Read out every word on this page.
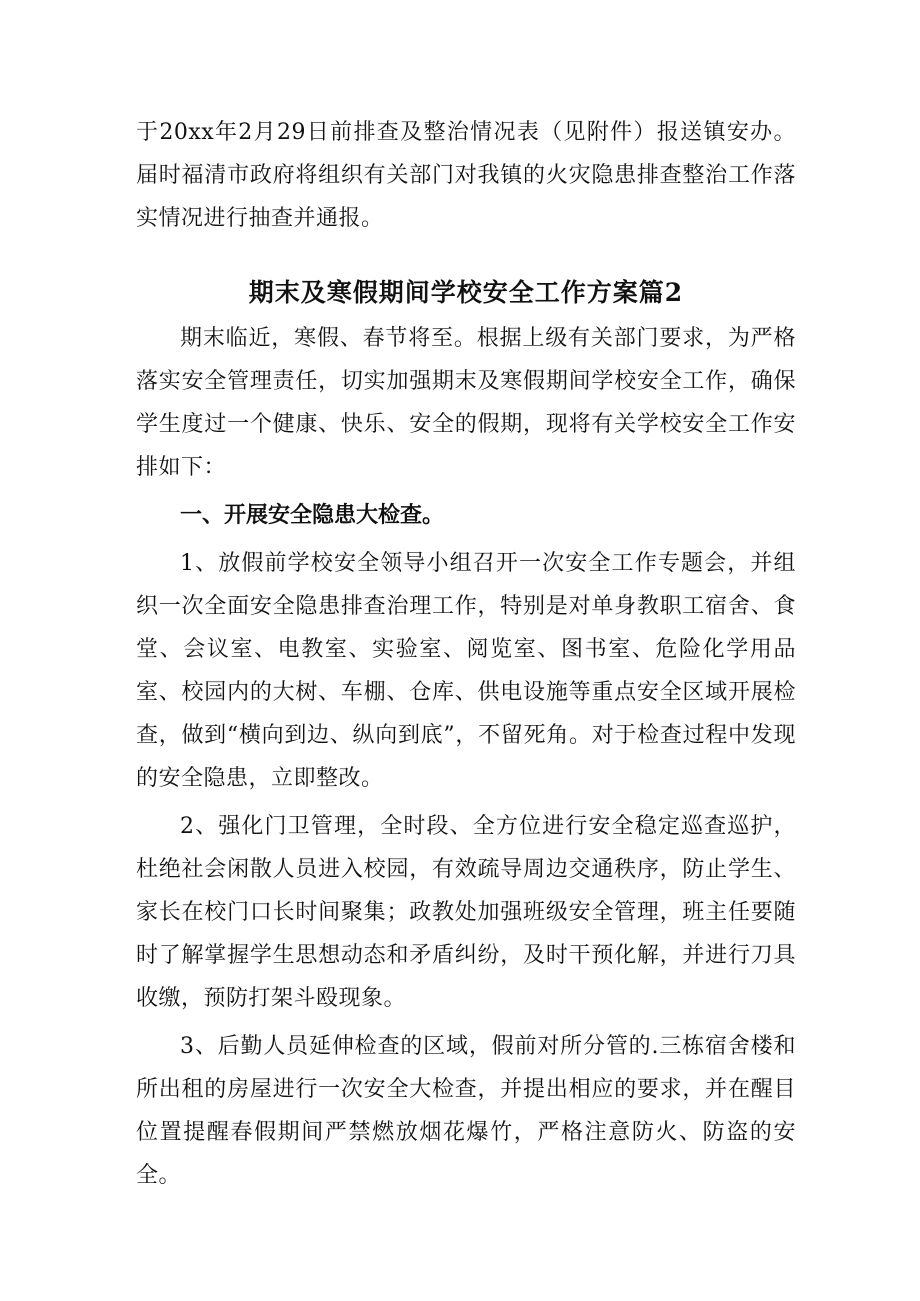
于20xx年2月29日前排查及整治情况表（见附件）报送镇安办。届时福清市政府将组织有关部门对我镇的火灾隐患排查整治工作落实情况进行抽查并通报。

期末及寒假期间学校安全工作方案篇2

期末临近，寒假、春节将至。根据上级有关部门要求，为严格落实安全管理责任，切实加强期末及寒假期间学校安全工作，确保学生度过一个健康、快乐、安全的假期，现将有关学校安全工作安排如下：

一、开展安全隐患大检查。

1、放假前学校安全领导小组召开一次安全工作专题会，并组织一次全面安全隐患排查治理工作，特别是对单身教职工宿舍、食堂、会议室、电教室、实验室、阅览室、图书室、危险化学用品室、校园内的大树、车棚、仓库、供电设施等重点安全区域开展检查，做到“横向到边、纵向到底”，不留死角。对于检查过程中发现的安全隐患，立即整改。

2、强化门卫管理，全时段、全方位进行安全稳定巡查巡护，杜绝社会闲散人员进入校园，有效疏导周边交通秩序，防止学生、家长在校门口长时间聚集；政教处加强班级安全管理，班主任要随时了解掌握学生思想动态和矛盾纠纷，及时干预化解，并进行刀具收缴，预防打架斗殴现象。

3、后勤人员延伸检查的区域，假前对所分管的.三栋宿舍楼和所出租的房屋进行一次安全大检查，并提出相应的要求，并在醒目位置提醒春假期间严禁燃放烟花爆竹，严格注意防火、防盗的安全。
